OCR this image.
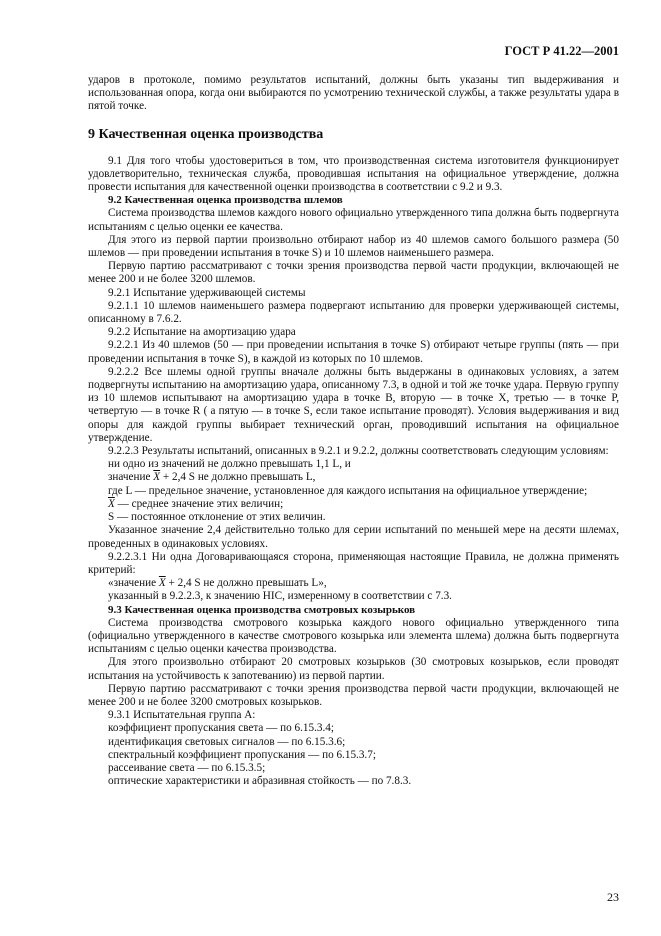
ГОСТ Р 41.22—2001

ударов в протоколе, помимо результатов испытаний, должны быть указаны тип выдерживания и использованная опора, когда они выбираются по усмотрению технической службы, а также результаты удара в пятой точке.

9 Качественная оценка производства

9.1 Для того чтобы удостовериться в том, что производственная система изготовителя функционирует удовлетворительно, техническая служба, проводившая испытания на официальное утверждение, должна провести испытания для качественной оценки производства в соответствии с 9.2 и 9.3.

9.2 Качественная оценка производства шлемов

Система производства шлемов каждого нового официально утвержденного типа должна быть подвергнута испытаниям с целью оценки ее качества.

Для этого из первой партии произвольно отбирают набор из 40 шлемов самого большого размера (50 шлемов — при проведении испытания в точке S) и 10 шлемов наименьшего размера.

Первую партию рассматривают с точки зрения производства первой части продукции, включающей не менее 200 и не более 3200 шлемов.

9.2.1 Испытание удерживающей системы

9.2.1.1 10 шлемов наименьшего размера подвергают испытанию для проверки удерживающей системы, описанному в 7.6.2.

9.2.2 Испытание на амортизацию удара

9.2.2.1 Из 40 шлемов (50 — при проведении испытания в точке S) отбирают четыре группы (пять — при проведении испытания в точке S), в каждой из которых по 10 шлемов.

9.2.2.2 Все шлемы одной группы вначале должны быть выдержаны в одинаковых условиях, а затем подвергнуты испытанию на амортизацию удара, описанному 7.3, в одной и той же точке удара. Первую группу из 10 шлемов испытывают на амортизацию удара в точке В, вторую — в точке X, третью — в точке Р, четвертую — в точке R ( а пятую — в точке S, если такое испытание проводят). Условия выдерживания и вид опоры для каждой группы выбирает технический орган, проводивший испытания на официальное утверждение.

9.2.2.3 Результаты испытаний, описанных в 9.2.1 и 9.2.2, должны соответствовать следующим условиям:

ни одно из значений не должно превышать 1,1 L, и

значение $\overline{X} + 2,4$ S не должно превышать L,

где L — предельное значение, установленное для каждого испытания на официальное утверждение;

$\overline{X}$ — среднее значение этих величин;

S — постоянное отклонение от этих величин.

Указанное значение 2,4 действительно только для серии испытаний по меньшей мере на десяти шлемах, проведенных в одинаковых условиях.

9.2.2.3.1 Ни одна Договаривающаяся сторона, применяющая настоящие Правила, не должна применять критерий:

«значение $\overline{X} + 2,4$ S не должно превышать L»,

указанный в 9.2.2.3, к значению HIC, измеренному в соответствии с 7.3.

9.3 Качественная оценка производства смотровых козырьков

Система производства смотрового козырька каждого нового официально утвержденного типа (официально утвержденного в качестве смотрового козырька или элемента шлема) должна быть подвергнута испытаниям с целью оценки качества производства.

Для этого произвольно отбирают 20 смотровых козырьков (30 смотровых козырьков, если проводят испытания на устойчивость к запотеванию) из первой партии.

Первую партию рассматривают с точки зрения производства первой части продукции, включающей не менее 200 и не более 3200 смотровых козырьков.

9.3.1 Испытательная группа А:

коэффициент пропускания света — по 6.15.3.4;

идентификация световых сигналов — по 6.15.3.6;

спектральный коэффициент пропускания — по 6.15.3.7;

рассеивание света — по 6.15.3.5;

оптические характеристики и абразивная стойкость — по 7.8.3.

23
